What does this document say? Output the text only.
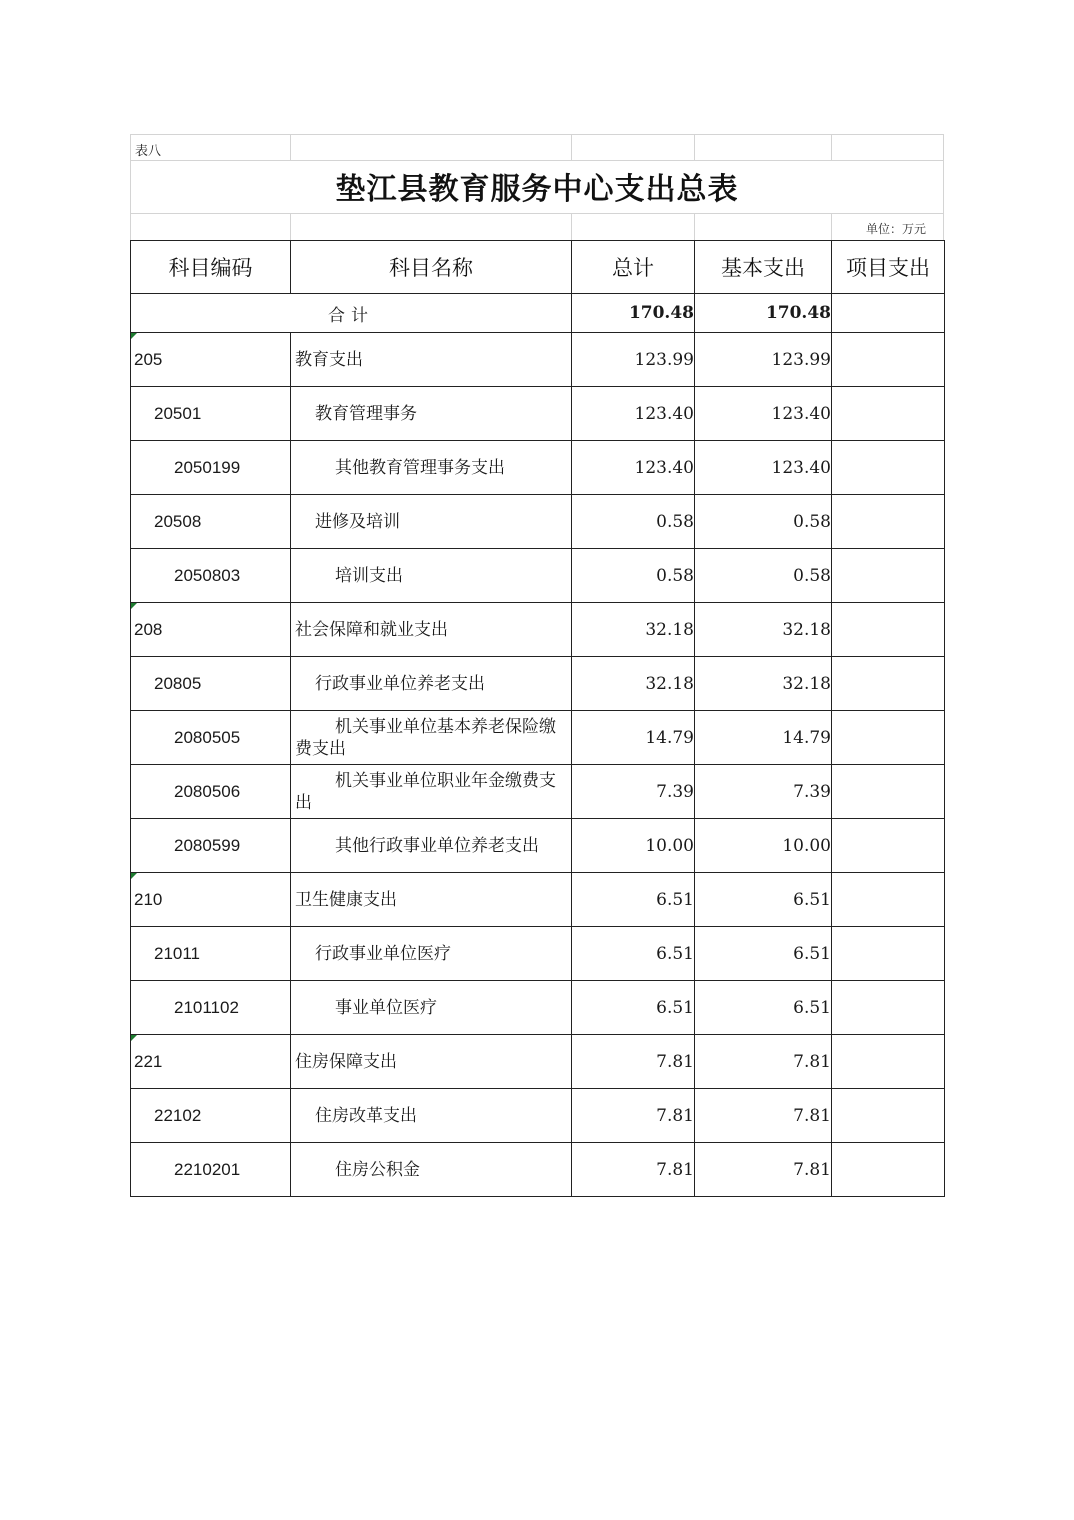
表八
垫江县教育服务中心支出总表
单位：万元
科目编码	科目名称	总计	基本支出	项目支出
合计		170.48	170.48	

205	教育支出	123.99	123.99	
20501	教育管理事务	123.40	123.40	
2050199	其他教育管理事务支出	123.40	123.40	
20508	进修及培训	0.58	0.58	
2050803	培训支出	0.58	0.58	

208	社会保障和就业支出	32.18	32.18	
20805	行政事业单位养老支出	32.18	32.18	
2080505	机关事业单位基本养老保险缴费支出	14.79	14.79	
2080506	机关事业单位职业年金缴费支出	7.39	7.39	
2080599	其他行政事业单位养老支出	10.00	10.00	

210	卫生健康支出	6.51	6.51	
21011	行政事业单位医疗	6.51	6.51	
2101102	事业单位医疗	6.51	6.51	

221	住房保障支出	7.81	7.81	
22102	住房改革支出	7.81	7.81	
2210201	住房公积金	7.81	7.81	
